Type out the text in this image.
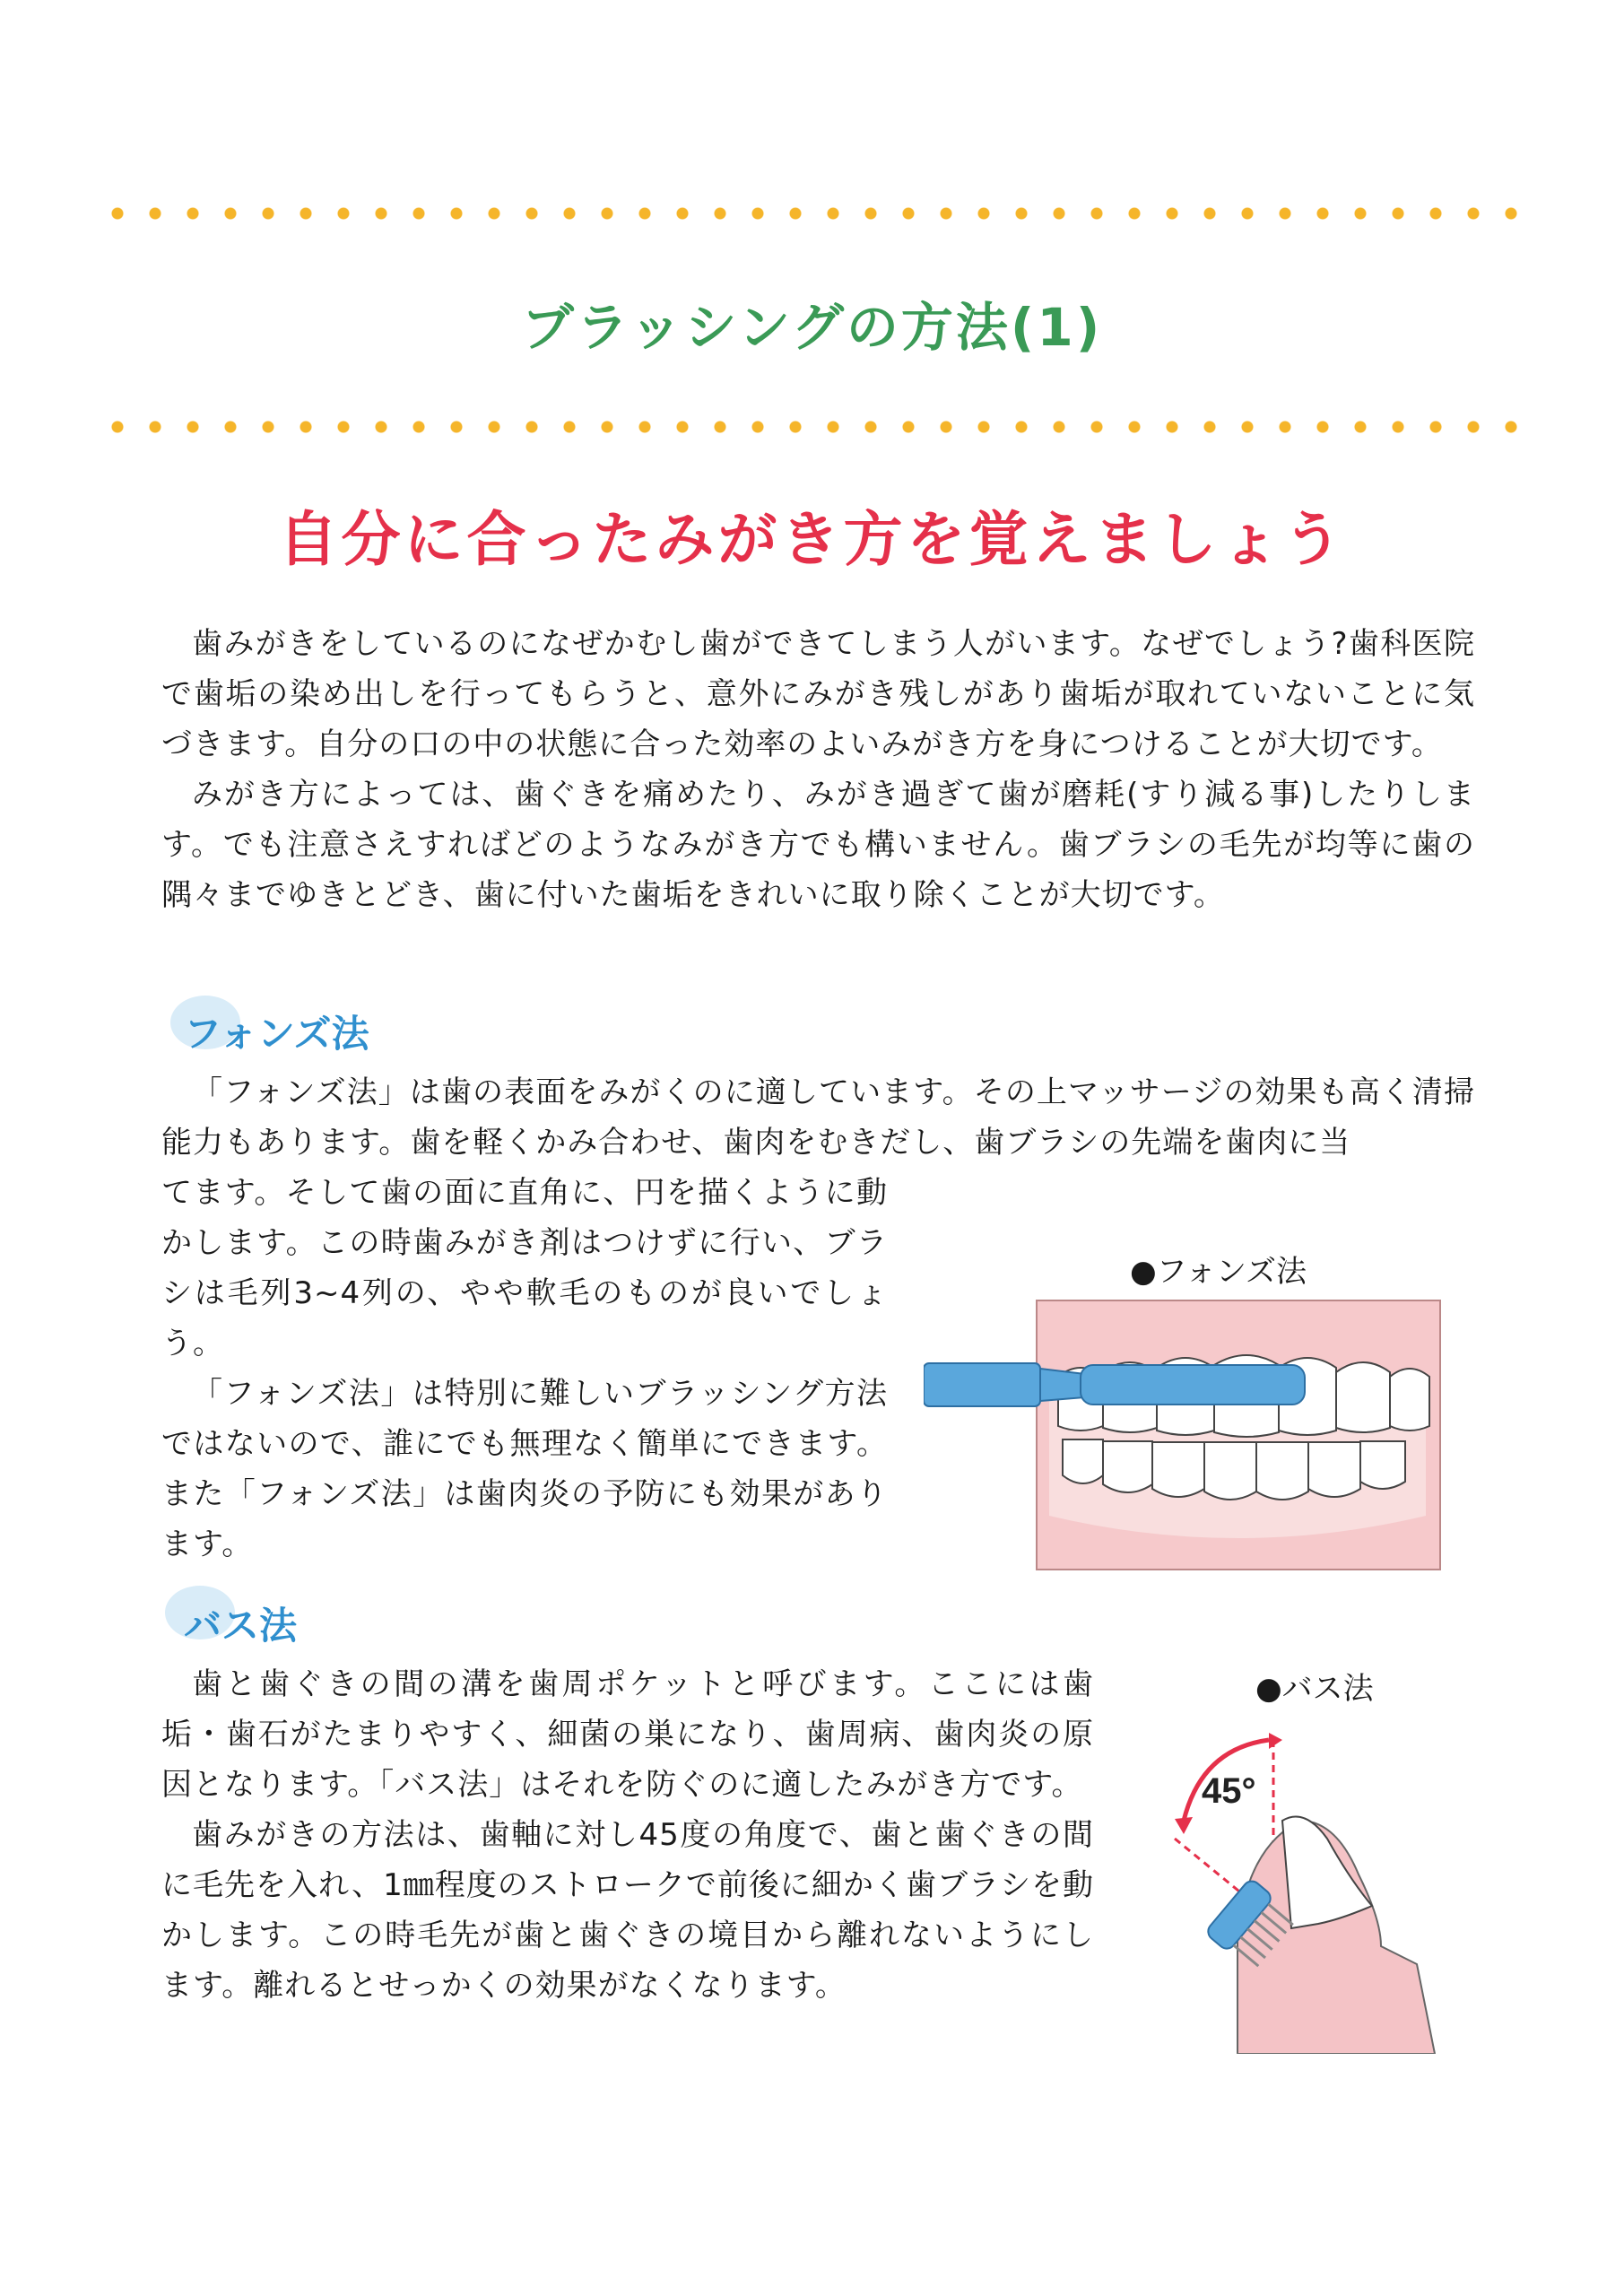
ブラッシングの方法(1)
自分に合ったみがき方を覚えましょう

歯みがきをしているのになぜかむし歯ができてしまう人がいます。なぜでしょう?歯科医院で歯垢の染め出しを行ってもらうと、意外にみがき残しがあり歯垢が取れていないことに気づきます。自分の口の中の状態に合った効率のよいみがき方を身につけることが大切です。

みがき方によっては、歯ぐきを痛めたり、みがき過ぎて歯が磨耗(すり減る事)したりします。でも注意さえすればどのようなみがき方でも構いません。歯ブラシの毛先が均等に歯の隅々までゆきとどき、歯に付いた歯垢をきれいに取り除くことが大切です。

フォンズ法

「フォンズ法」は歯の表面をみがくのに適しています。その上マッサージの効果も高く清掃能力もあります。歯を軽くかみ合わせ、歯肉をむきだし、歯ブラシの先端を歯肉に当

てます。そして歯の面に直角に、円を描くように動かします。この時歯みがき剤はつけずに行い、ブラシは毛列3~4列の、やや軟毛のものが良いでしょう。

「フォンズ法」は特別に難しいブラッシング方法ではないので、誰にでも無理なく簡単にできます。また「フォンズ法」は歯肉炎の予防にも効果があります。

●フォンズ法
バス法

歯と歯ぐきの間の溝を歯周ポケットと呼びます。ここには歯垢・歯石がたまりやすく、細菌の巣になり、歯周病、歯肉炎の原因となります。「バス法」はそれを防ぐのに適したみがき方です。

歯みがきの方法は、歯軸に対し45度の角度で、歯と歯ぐきの間に毛先を入れ、1㎜程度のストロークで前後に細かく歯ブラシを動かします。この時毛先が歯と歯ぐきの境目から離れないようにします。離れるとせっかくの効果がなくなります。

●バス法
45°
